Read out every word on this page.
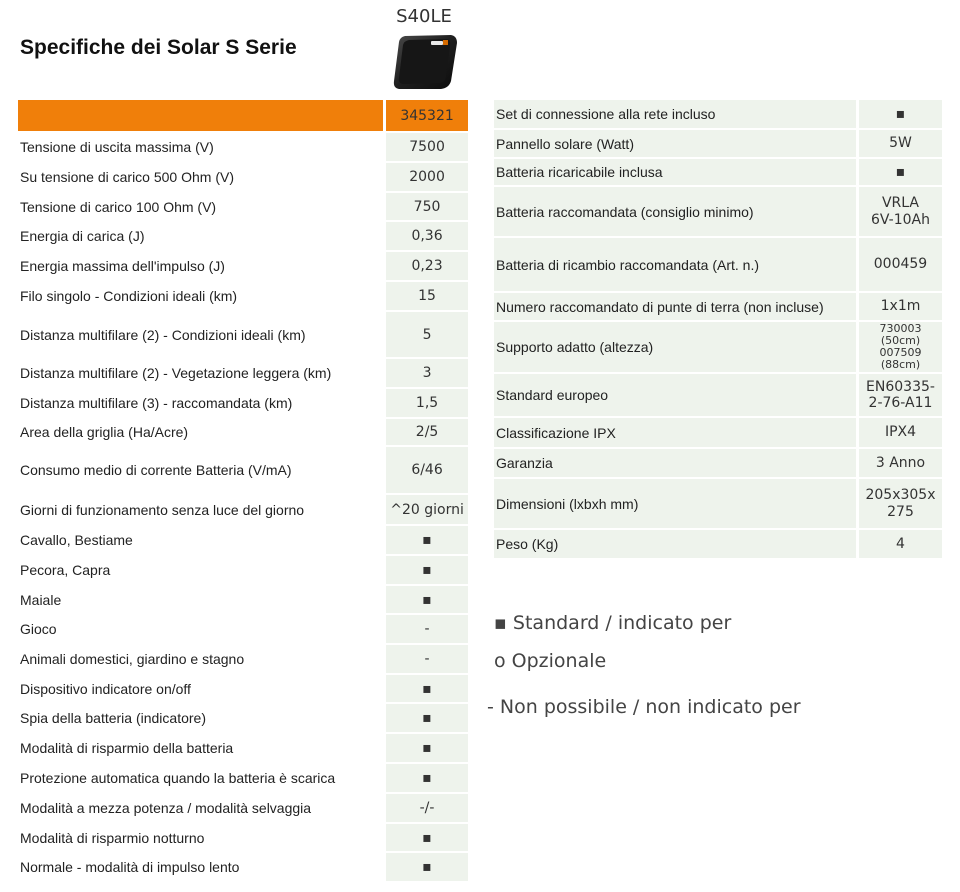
Specifiche dei Solar S Serie
S40LE
	345321
Tensione di uscita massima (V)	7500
Su tensione di carico 500 Ohm (V)	2000
Tensione di carico 100 Ohm (V)	750
Energia di carica (J)	0,36
Energia massima dell'impulso (J)	0,23
Filo singolo - Condizioni ideali (km)	15
Distanza multifilare (2) - Condizioni ideali (km)	5
Distanza multifilare (2) - Vegetazione leggera (km)	3
Distanza multifilare (3) - raccomandata (km)	1,5
Area della griglia (Ha/Acre)	2/5
Consumo medio di corrente Batteria (V/mA)	6/46
Giorni di funzionamento senza luce del giorno	^20 giorni
Cavallo, Bestiame	▪
Pecora, Capra	▪
Maiale	▪
Gioco	-
Animali domestici, giardino e stagno	-
Dispositivo indicatore on/off	▪
Spia della batteria (indicatore)	▪
Modalità di risparmio della batteria	▪
Protezione automatica quando la batteria è scarica	▪
Modalità a mezza potenza / modalità selvaggia	-/-
Modalità di risparmio notturno	▪
Normale - modalità di impulso lento	▪
Set di connessione alla rete incluso	▪
Pannello solare (Watt)	5W
Batteria ricaricabile inclusa	▪
Batteria raccomandata (consiglio minimo)	VRLA
6V-10Ah
Batteria di ricambio raccomandata (Art. n.)	000459
Numero raccomandato di punte di terra (non incluse)	1x1m
Supporto adatto (altezza)	730003
(50cm)
007509
(88cm)
Standard europeo	EN60335-
2-76-A11
Classificazione IPX	IPX4
Garanzia	3 Anno
Dimensioni (lxbxh mm)	205x305x
275
Peso (Kg)	4
▪ Standard / indicato per
o Opzionale
- Non possibile / non indicato per
